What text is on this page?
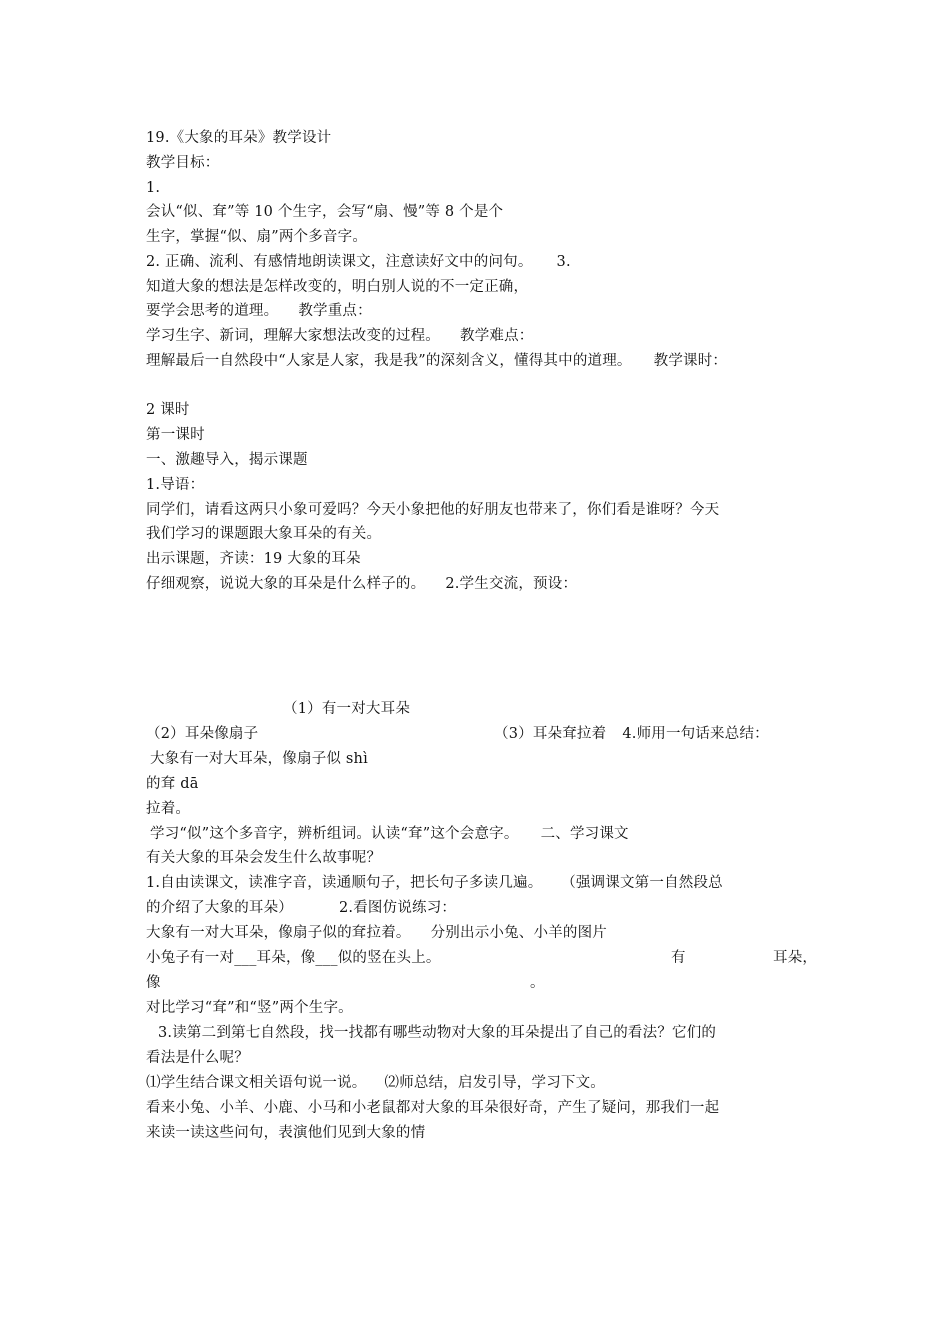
19.《大象的耳朵》教学设计
教学目标：
1.
会认“似、耷”等 10 个生字，会写“扇、慢”等 8 个是个
生字，掌握“似、扇”两个多音字。
2. 正确、流利、有感情地朗读课文，注意读好文中的问句。 3.
知道大象的想法是怎样改变的，明白别人说的不一定正确，
要学会思考的道理。 教学重点：
学习生字、新词，理解大家想法改变的过程。 教学难点：
理解最后一自然段中“人家是人家，我是我”的深刻含义，懂得其中的道理。 教学课时：
2 课时
第一课时
一、激趣导入，揭示课题
1.导语：
同学们，请看这两只小象可爱吗？今天小象把他的好朋友也带来了，你们看是谁呀？今天
我们学习的课题跟大象耳朵的有关。
出示课题，齐读：19 大象的耳朵
仔细观察，说说大象的耳朵是什么样子的。 2.学生交流，预设：
（1）有一对大耳朵
（2）耳朵像扇子	（3）耳朵耷拉着 4.师用一句话来总结：
大象有一对大耳朵，像扇子似 shì
的耷 dā
拉着。
学习“似”这个多音字，辨析组词。认读“耷”这个会意字。 二、学习课文
有关大象的耳朵会发生什么故事呢？
1.自由读课文，读准字音，读通顺句子，把长句子多读几遍。 （强调课文第一自然段总
的介绍了大象的耳朵）	2.看图仿说练习：
大象有一对大耳朵，像扇子似的耷拉着。 分别出示小兔、小羊的图片
小兔子有一对___耳朵，像___似的竖在头上。	有	耳朵，
像	。
对比学习“耷”和“竖”两个生字。
3.读第二到第七自然段，找一找都有哪些动物对大象的耳朵提出了自己的看法？它们的
看法是什么呢？
⑴学生结合课文相关语句说一说。 ⑵师总结，启发引导，学习下文。
看来小兔、小羊、小鹿、小马和小老鼠都对大象的耳朵很好奇，产生了疑问，那我们一起
来读一读这些问句，表演他们见到大象的情
